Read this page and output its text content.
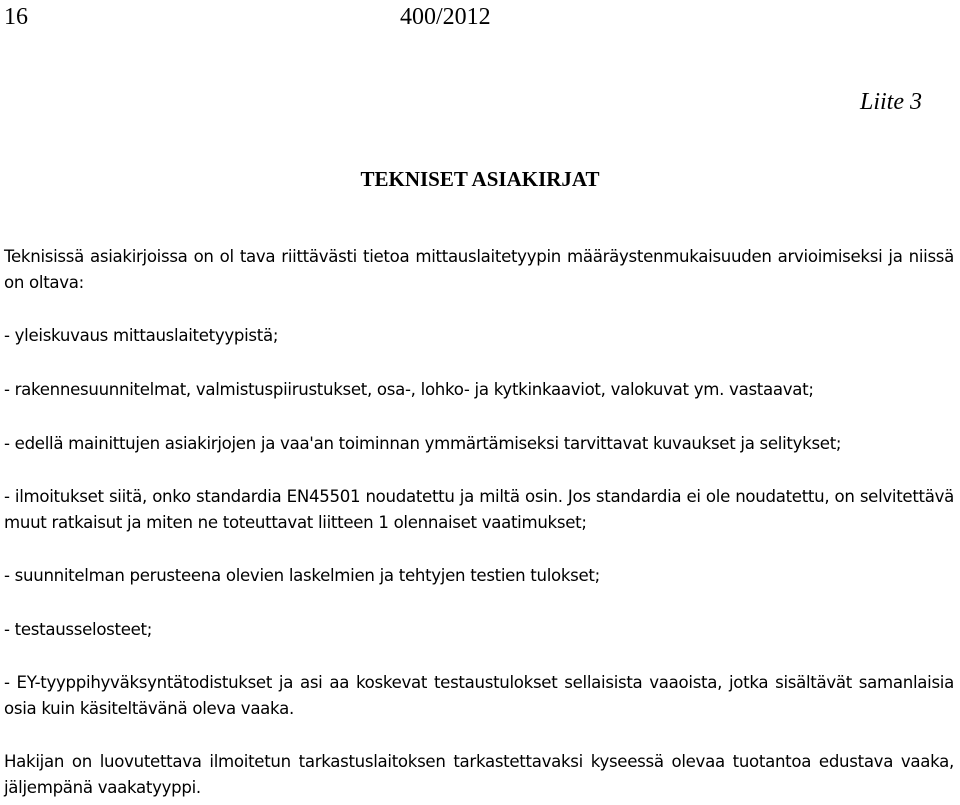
16	400/2012
Liite 3
TEKNISET ASIAKIRJAT

Teknisissä asiakirjoissa on ol tava riittävästi tietoa mittauslaitetyypin määräystenmukaisuuden arvioimiseksi ja niissä on oltava:

- yleiskuvaus mittauslaitetyypistä;

- rakennesuunnitelmat, valmistuspiirustukset, osa-, lohko- ja kytkinkaaviot, valokuvat ym. vastaavat;

- edellä mainittujen asiakirjojen ja vaa'an toiminnan ymmärtämiseksi tarvittavat kuvaukset ja selitykset;

- ilmoitukset siitä, onko standardia EN45501 noudatettu ja miltä osin. Jos standardia ei ole noudatettu, on selvitettävä muut ratkaisut ja miten ne toteuttavat liitteen 1 olennaiset vaatimukset;

- suunnitelman perusteena olevien laskelmien ja tehtyjen testien tulokset;

- testausselosteet;

- EY-tyyppihyväksyntätodistukset ja asi aa koskevat testaustulokset sellaisista vaaoista, jotka sisältävät samanlaisia osia kuin käsiteltävänä oleva vaaka.

Hakijan on luovutettava ilmoitetun tarkastuslaitoksen tarkastettavaksi kyseessä olevaa tuotantoa edustava vaaka, jäljempänä vaakatyyppi.
